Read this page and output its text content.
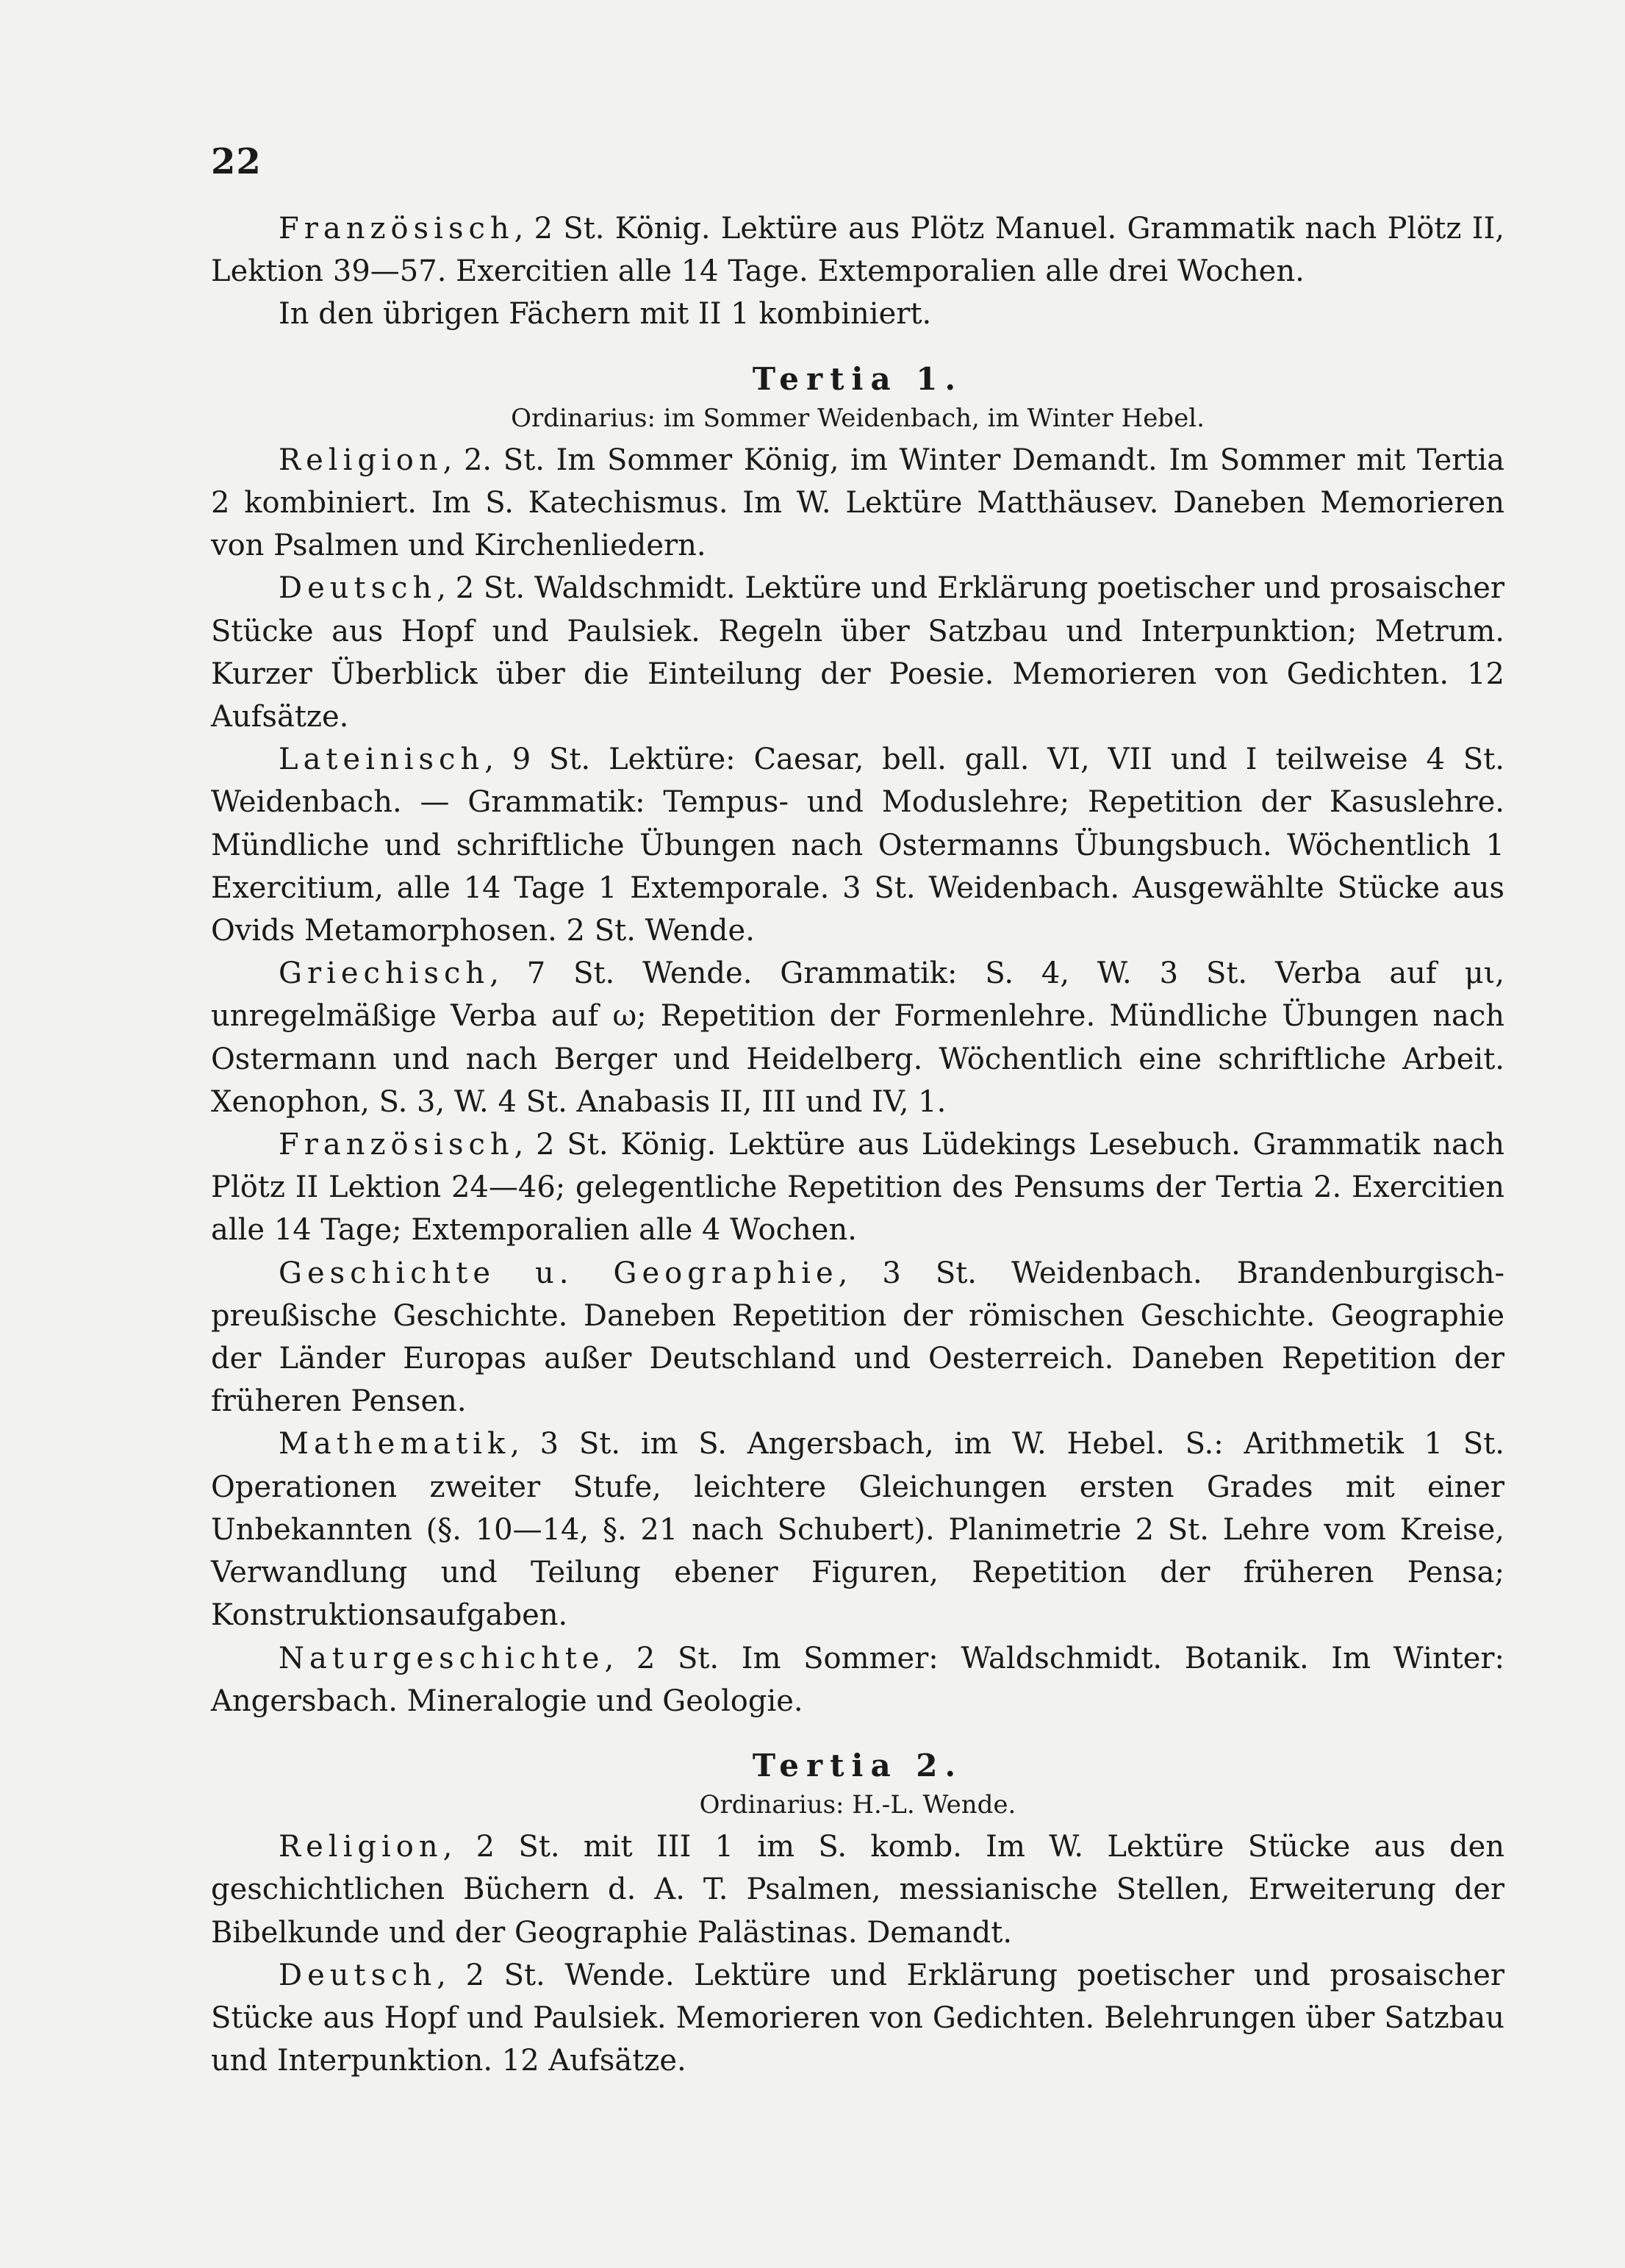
22

Französisch, 2 St. König. Lektüre aus Plötz Manuel. Grammatik nach Plötz II, Lektion 39—57. Exercitien alle 14 Tage. Extemporalien alle drei Wochen.

In den übrigen Fächern mit II 1 kombiniert.

Tertia 1.

Ordinarius: im Sommer Weidenbach, im Winter Hebel.

Religion, 2. St. Im Sommer König, im Winter Demandt. Im Sommer mit Tertia 2 kombiniert. Im S. Katechismus. Im W. Lektüre Matthäusev. Daneben Memorieren von Psalmen und Kirchenliedern.

Deutsch, 2 St. Waldschmidt. Lektüre und Erklärung poetischer und prosaischer Stücke aus Hopf und Paulsiek. Regeln über Satzbau und Interpunktion; Metrum. Kurzer Überblick über die Einteilung der Poesie. Memorieren von Gedichten. 12 Aufsätze.

Lateinisch, 9 St. Lektüre: Caesar, bell. gall. VI, VII und I teilweise 4 St. Weidenbach. — Grammatik: Tempus- und Moduslehre; Repetition der Kasuslehre. Mündliche und schriftliche Übungen nach Ostermanns Übungsbuch. Wöchentlich 1 Exercitium, alle 14 Tage 1 Extemporale. 3 St. Weidenbach. Ausgewählte Stücke aus Ovids Metamorphosen. 2 St. Wende.

Griechisch, 7 St. Wende. Grammatik: S. 4, W. 3 St. Verba auf μι, unregelmäßige Verba auf ω; Repetition der Formenlehre. Mündliche Übungen nach Ostermann und nach Berger und Heidelberg. Wöchentlich eine schriftliche Arbeit. Xenophon, S. 3, W. 4 St. Anabasis II, III und IV, 1.

Französisch, 2 St. König. Lektüre aus Lüdekings Lesebuch. Grammatik nach Plötz II Lektion 24—46; gelegentliche Repetition des Pensums der Tertia 2. Exercitien alle 14 Tage; Extemporalien alle 4 Wochen.

Geschichte u. Geographie, 3 St. Weidenbach. Brandenburgisch-preußische Geschichte. Daneben Repetition der römischen Geschichte. Geographie der Länder Europas außer Deutschland und Oesterreich. Daneben Repetition der früheren Pensen.

Mathematik, 3 St. im S. Angersbach, im W. Hebel. S.: Arithmetik 1 St. Operationen zweiter Stufe, leichtere Gleichungen ersten Grades mit einer Unbekannten (§. 10—14, §. 21 nach Schubert). Planimetrie 2 St. Lehre vom Kreise, Verwandlung und Teilung ebener Figuren, Repetition der früheren Pensa; Konstruktionsaufgaben.

Naturgeschichte, 2 St. Im Sommer: Waldschmidt. Botanik. Im Winter: Angersbach. Mineralogie und Geologie.

Tertia 2.

Ordinarius: H.-L. Wende.

Religion, 2 St. mit III 1 im S. komb. Im W. Lektüre Stücke aus den geschichtlichen Büchern d. A. T. Psalmen, messianische Stellen, Erweiterung der Bibelkunde und der Geographie Palästinas. Demandt.

Deutsch, 2 St. Wende. Lektüre und Erklärung poetischer und prosaischer Stücke aus Hopf und Paulsiek. Memorieren von Gedichten. Belehrungen über Satzbau und Interpunktion. 12 Aufsätze.
